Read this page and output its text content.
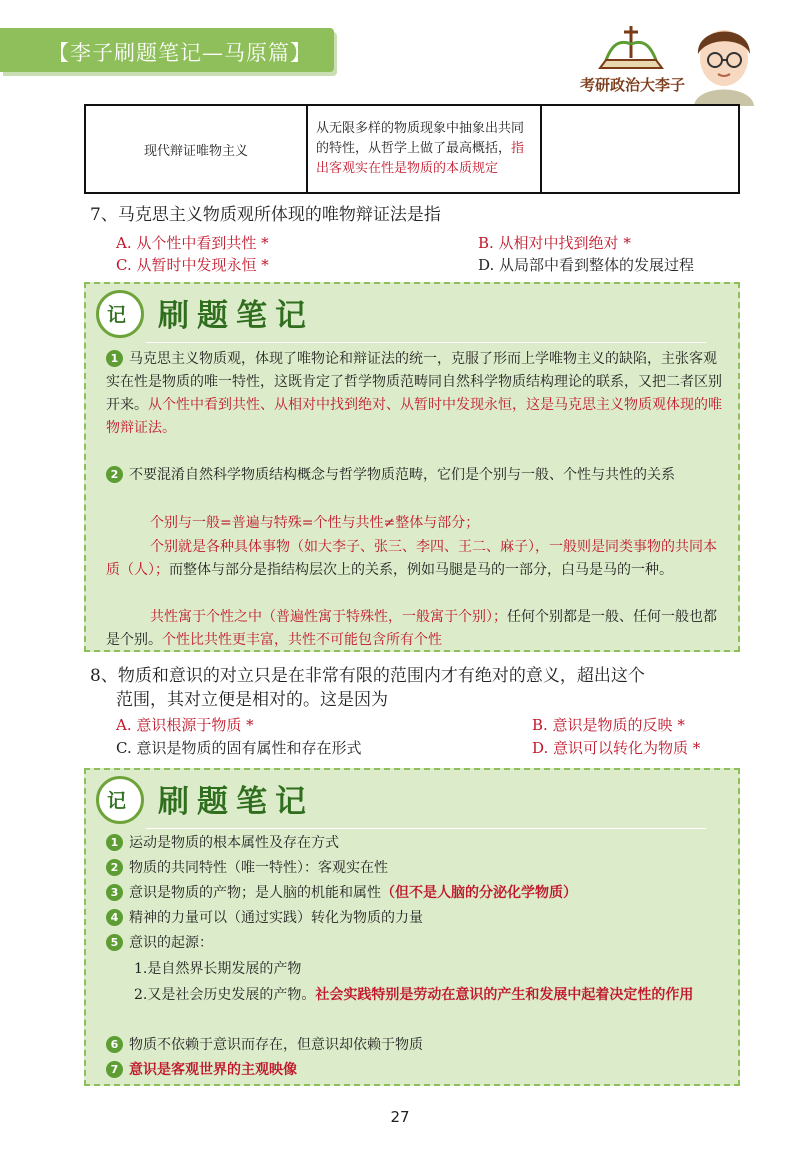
【李子刷题笔记—马原篇】
考研政治大李子
现代辩证唯物主义	从无限多样的物质现象中抽象出共同的特性，从哲学上做了最高概括，指出客观实在性是物质的本质规定	
7、马克思主义物质观所体现的唯物辩证法是指
A. 从个性中看到共性 *	B. 从相对中找到绝对 *
C. 从暂时中发现永恒 *	D. 从局部中看到整体的发展过程
记 刷题笔记
1 马克思主义物质观，体现了唯物论和辩证法的统一，克服了形而上学唯物主义的缺陷，主张客观实在性是物质的唯一特性，这既肯定了哲学物质范畴同自然科学物质结构理论的联系，又把二者区别开来。从个性中看到共性、从相对中找到绝对、从暂时中发现永恒，这是马克思主义物质观体现的唯物辩证法。
2 不要混淆自然科学物质结构概念与哲学物质范畴，它们是个别与一般、个性与共性的关系
个别与一般=普遍与特殊=个性与共性≠整体与部分；
个别就是各种具体事物（如大李子、张三、李四、王二、麻子），一般则是同类事物的共同本质（人）；而整体与部分是指结构层次上的关系，例如马腿是马的一部分，白马是马的一种。
共性寓于个性之中（普遍性寓于特殊性，一般寓于个别）；任何个别都是一般、任何一般也都是个别。个性比共性更丰富，共性不可能包含所有个性
8、物质和意识的对立只是在非常有限的范围内才有绝对的意义，超出这个
范围，其对立便是相对的。这是因为
A. 意识根源于物质 *	B. 意识是物质的反映 *
C. 意识是物质的固有属性和存在形式	D. 意识可以转化为物质 *
记 刷题笔记
1 运动是物质的根本属性及存在方式
2 物质的共同特性（唯一特性）：客观实在性
3 意识是物质的产物；是人脑的机能和属性（但不是人脑的分泌化学物质）
4 精神的力量可以（通过实践）转化为物质的力量
5 意识的起源：
1.是自然界长期发展的产物
2.又是社会历史发展的产物。社会实践特别是劳动在意识的产生和发展中起着决定性的作用
6 物质不依赖于意识而存在，但意识却依赖于物质
7 意识是客观世界的主观映像
27
